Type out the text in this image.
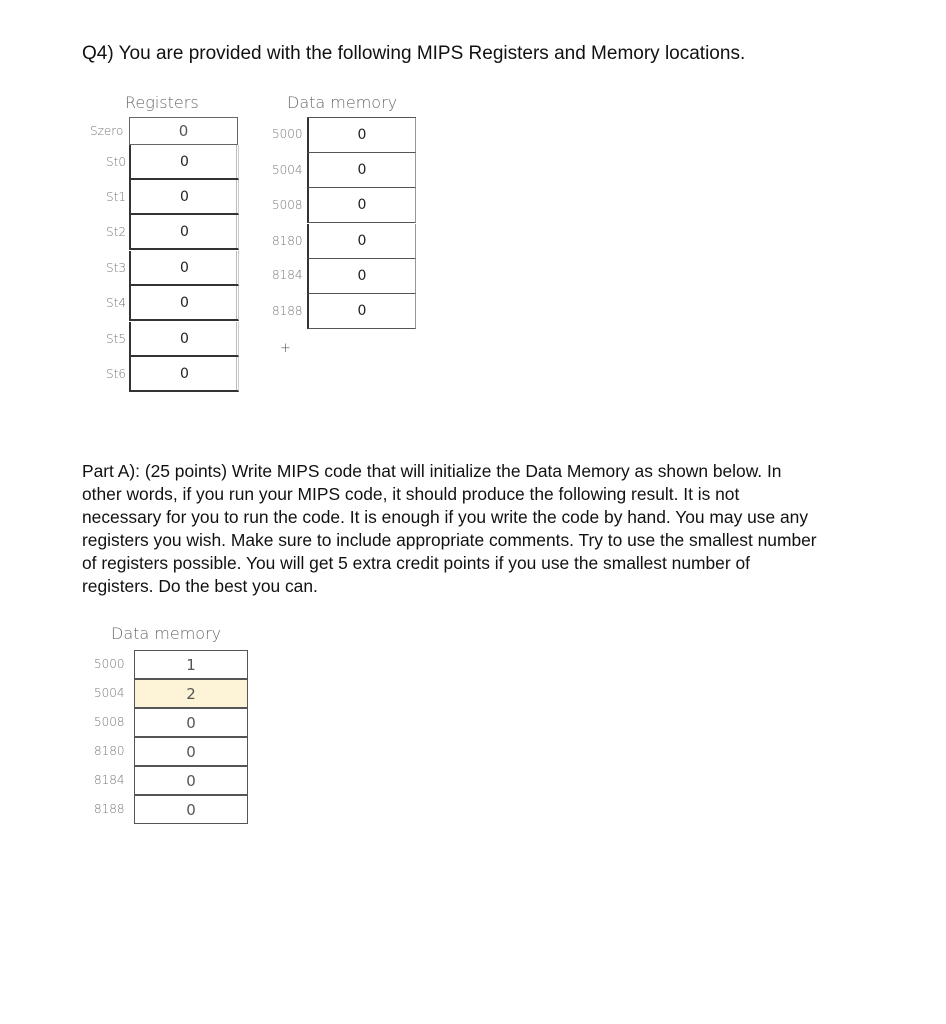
Q4) You are provided with the following MIPS Registers and Memory locations.
Registers
Szero	0
St0	0
St1	0
St2	0
St3	0
St4	0
St5	0
St6	0
Data memory
5000	0
5004	0
5008	0
8180	0
8184	0
8188	0
+
Part A): (25 points) Write MIPS code that will initialize the Data Memory as shown below. In other words, if you run your MIPS code, it should produce the following result. It is not necessary for you to run the code. It is enough if you write the code by hand. You may use any registers you wish. Make sure to include appropriate comments. Try to use the smallest number of registers possible. You will get 5 extra credit points if you use the smallest number of registers. Do the best you can.
Data memory
5000	1
5004	2
5008	0
8180	0
8184	0
8188	0
